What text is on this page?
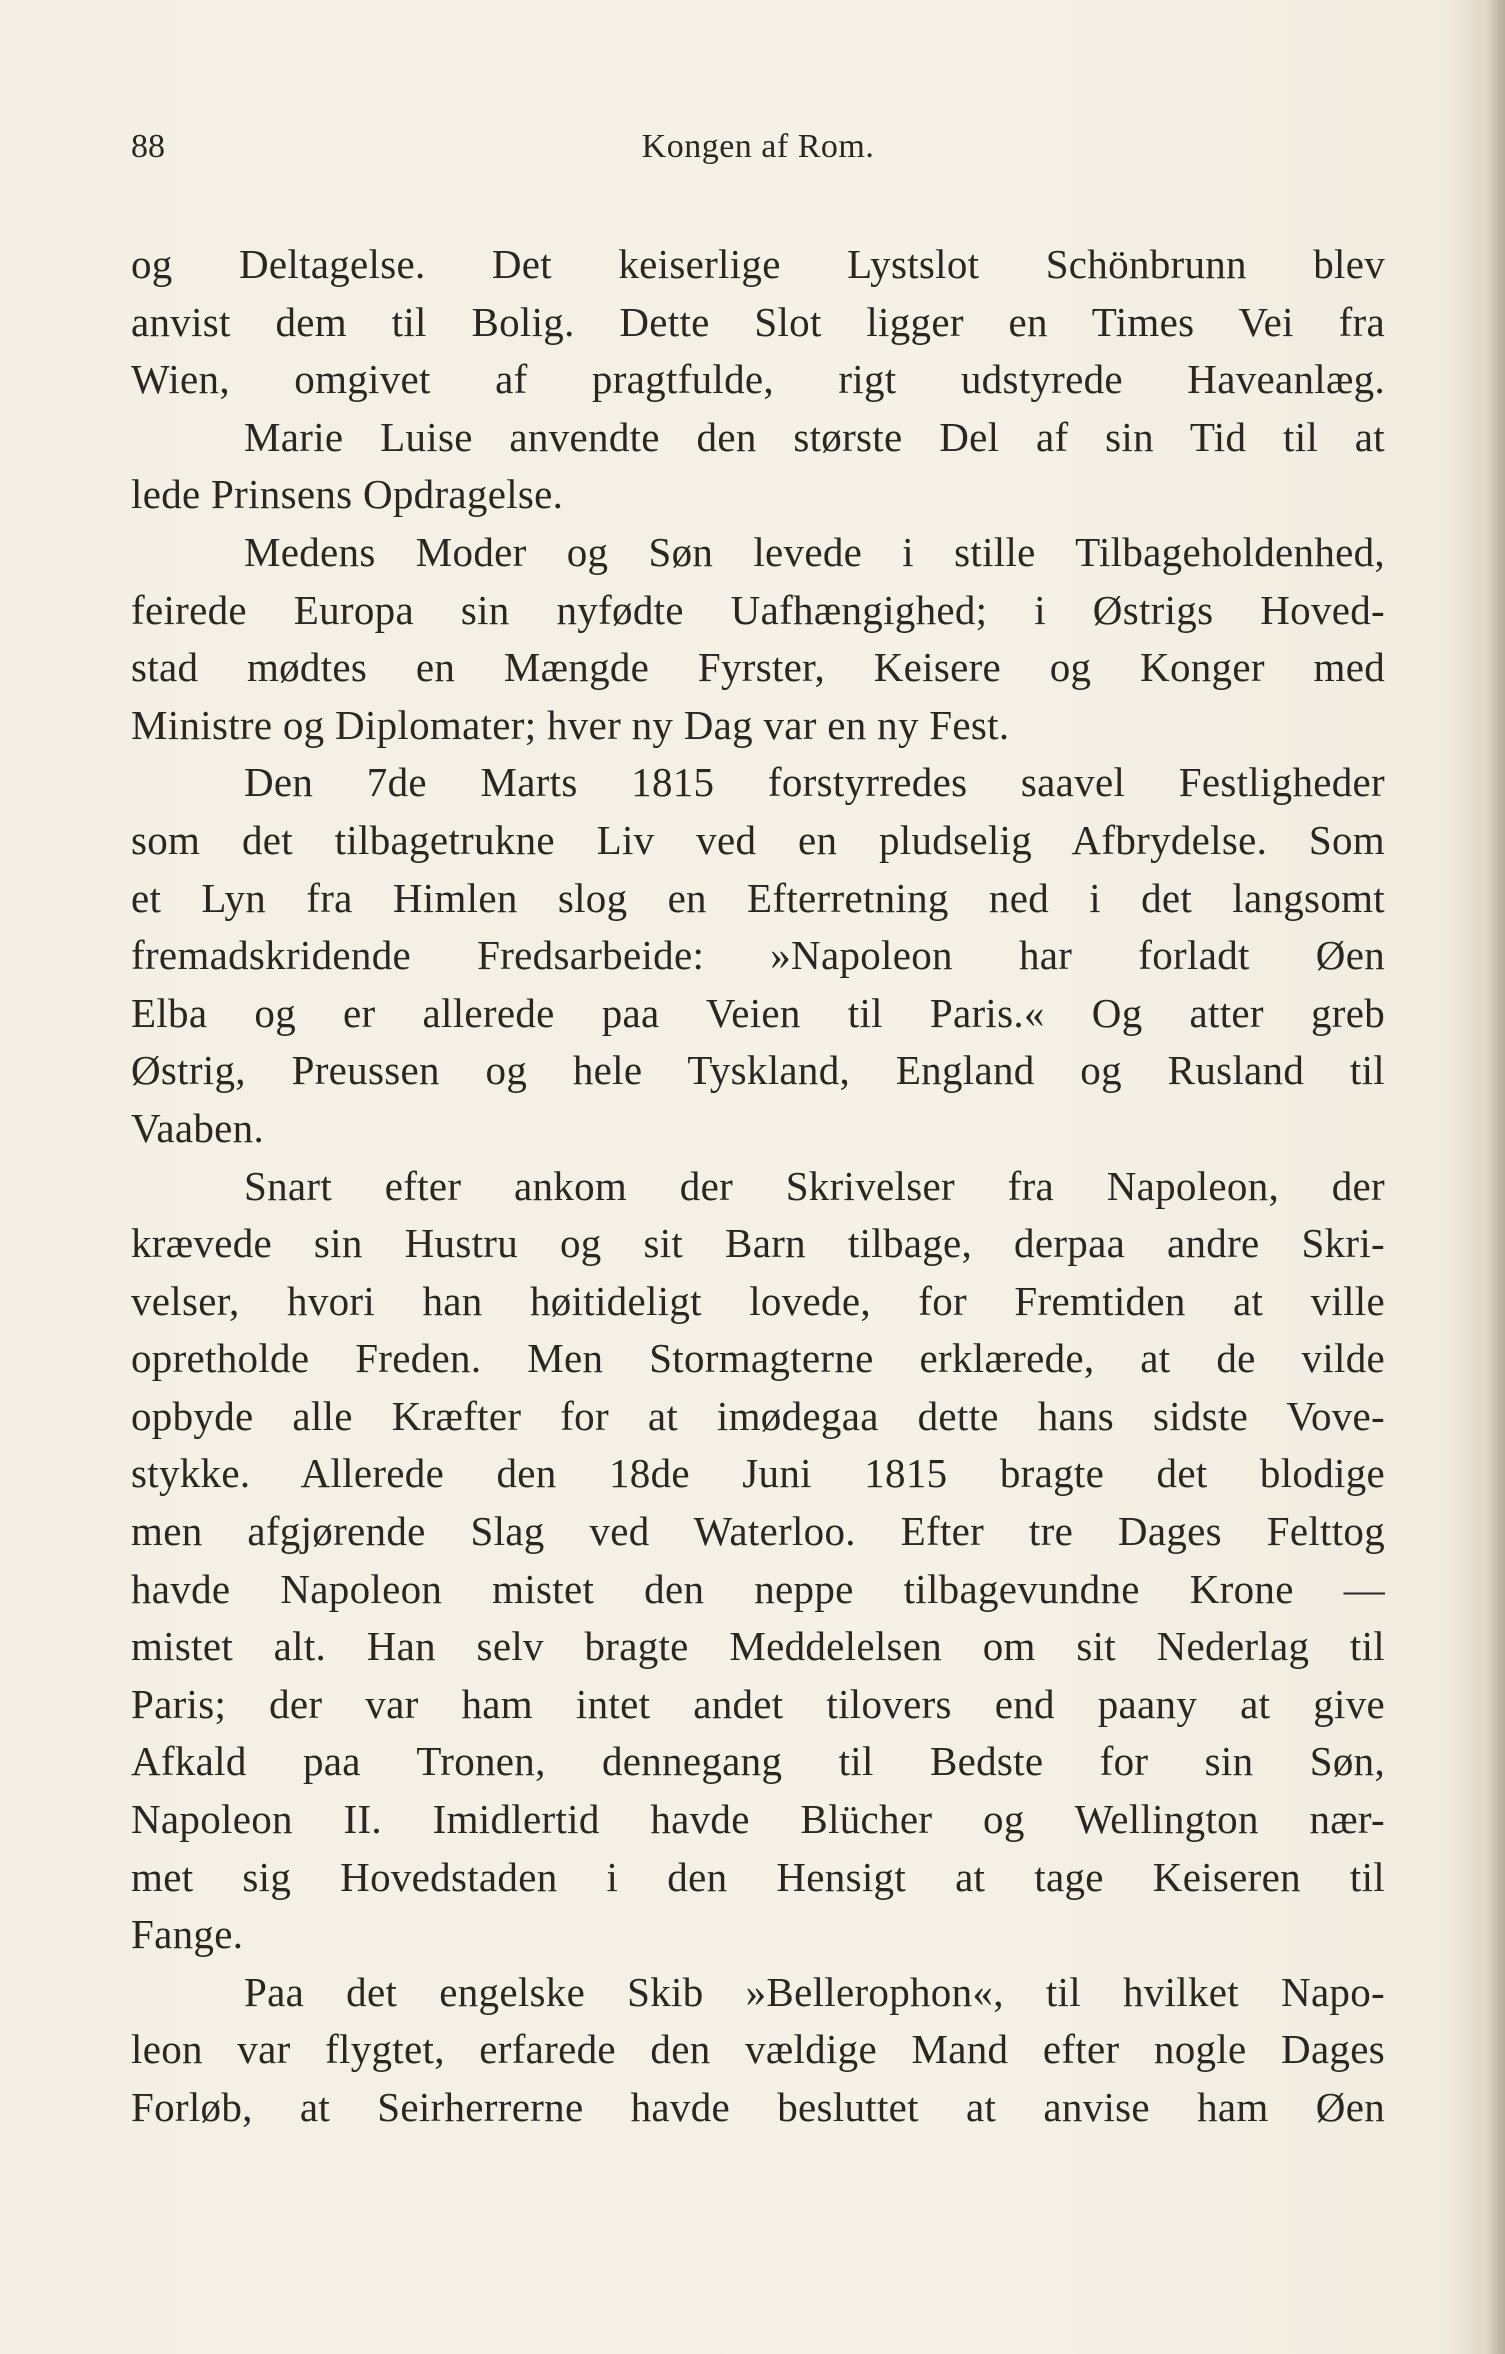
88	Kongen af Rom.
og Deltagelse. Det keiserlige Lystslot Schönbrunn blev
anvist dem til Bolig. Dette Slot ligger en Times Vei fra
Wien, omgivet af pragtfulde, rigt udstyrede Haveanlæg.
Marie Luise anvendte den største Del af sin Tid til at
lede Prinsens Opdragelse.
Medens Moder og Søn levede i stille Tilbageholdenhed,
feirede Europa sin nyfødte Uafhængighed; i Østrigs Hoved-
stad mødtes en Mængde Fyrster, Keisere og Konger med
Ministre og Diplomater; hver ny Dag var en ny Fest.
Den 7de Marts 1815 forstyrredes saavel Festligheder
som det tilbagetrukne Liv ved en pludselig Afbrydelse. Som
et Lyn fra Himlen slog en Efterretning ned i det langsomt
fremadskridende Fredsarbeide: »Napoleon har forladt Øen
Elba og er allerede paa Veien til Paris.« Og atter greb
Østrig, Preussen og hele Tyskland, England og Rusland til
Vaaben.
Snart efter ankom der Skrivelser fra Napoleon, der
krævede sin Hustru og sit Barn tilbage, derpaa andre Skri-
velser, hvori han høitideligt lovede, for Fremtiden at ville
opretholde Freden. Men Stormagterne erklærede, at de vilde
opbyde alle Kræfter for at imødegaa dette hans sidste Vove-
stykke. Allerede den 18de Juni 1815 bragte det blodige
men afgjørende Slag ved Waterloo. Efter tre Dages Felttog
havde Napoleon mistet den neppe tilbagevundne Krone —
mistet alt. Han selv bragte Meddelelsen om sit Nederlag til
Paris; der var ham intet andet tilovers end paany at give
Afkald paa Tronen, dennegang til Bedste for sin Søn,
Napoleon II. Imidlertid havde Blücher og Wellington nær-
met sig Hovedstaden i den Hensigt at tage Keiseren til
Fange.
Paa det engelske Skib »Bellerophon«, til hvilket Napo-
leon var flygtet, erfarede den vældige Mand efter nogle Dages
Forløb, at Seirherrerne havde besluttet at anvise ham Øen
